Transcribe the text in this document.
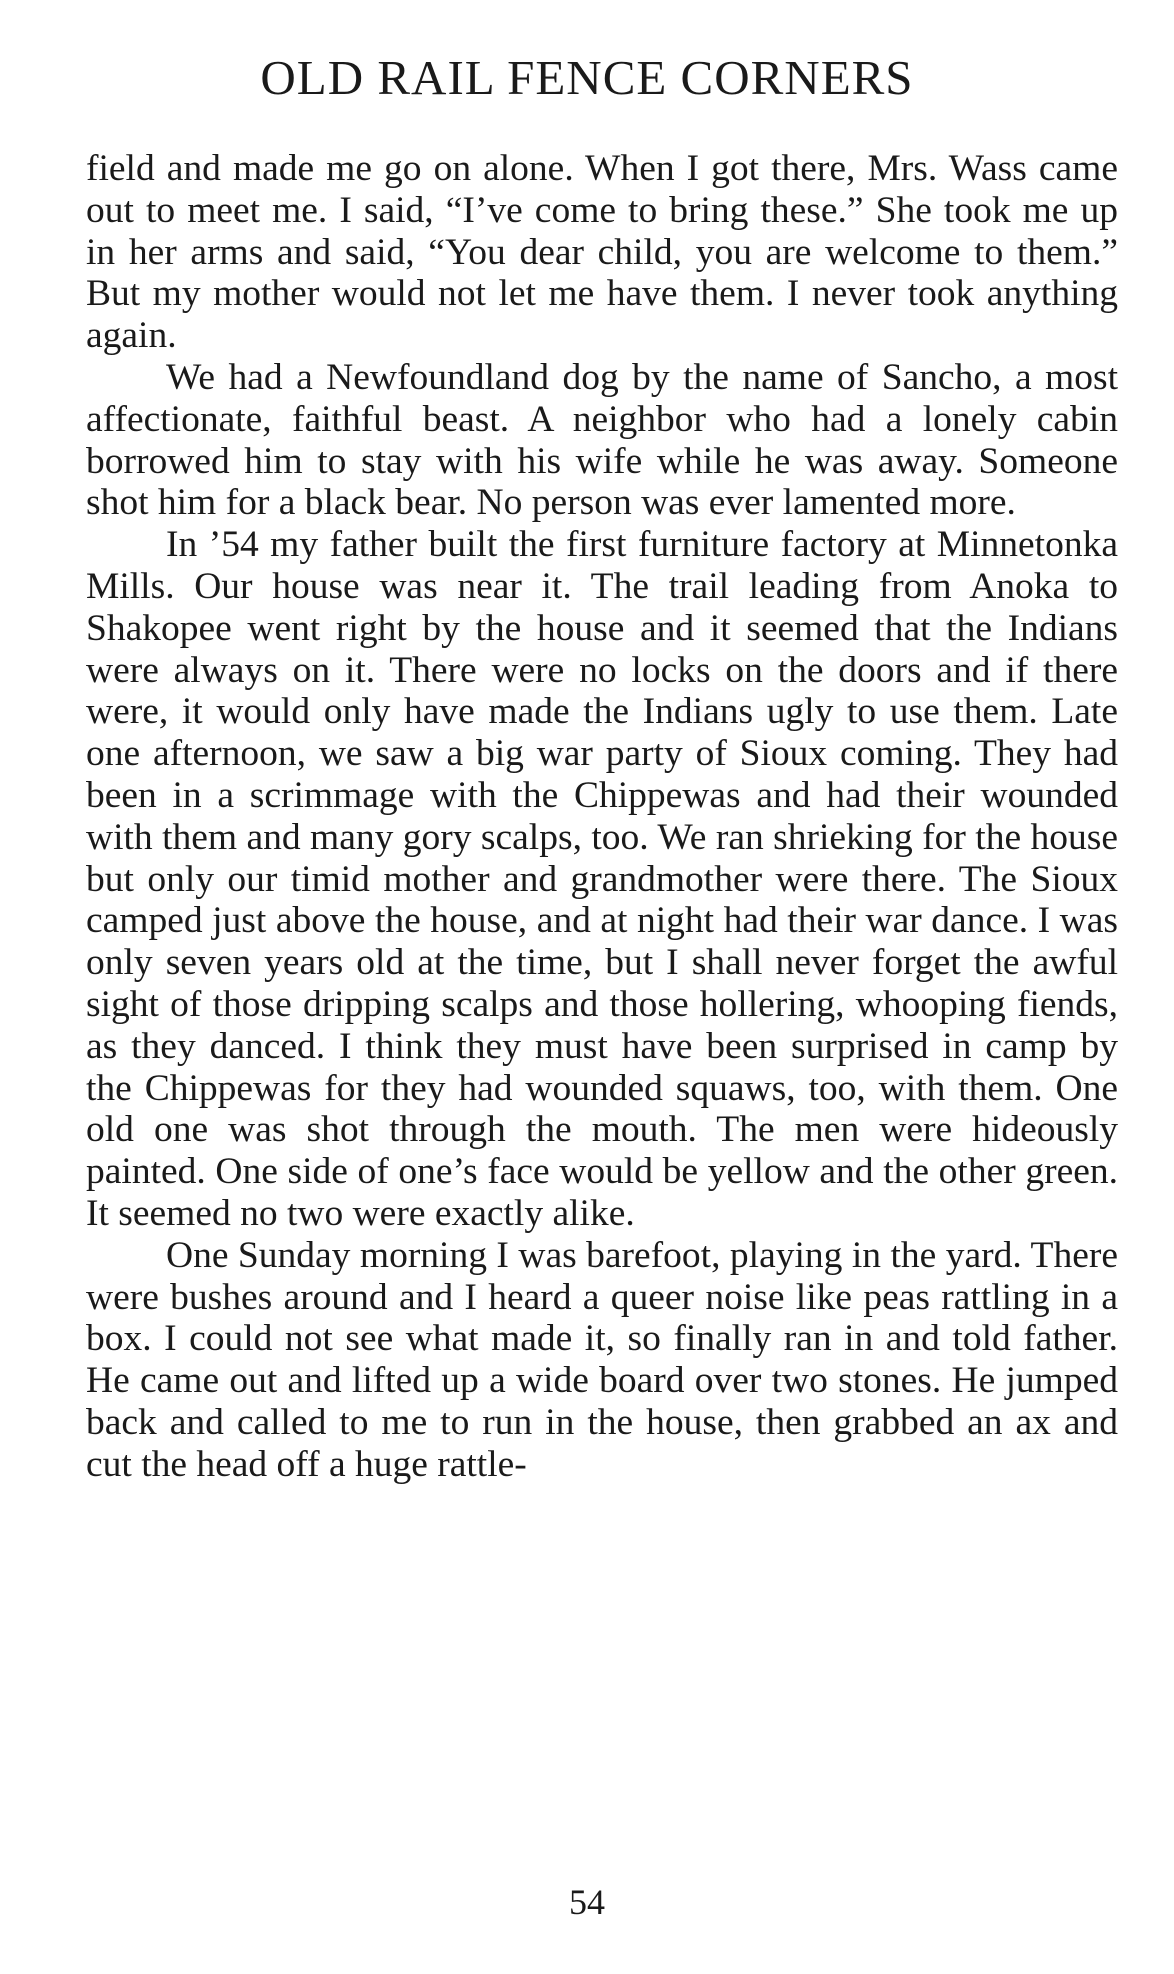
OLD RAIL FENCE CORNERS

field and made me go on alone. When I got there, Mrs. Wass came out to meet me. I said, “I’ve come to bring these.” She took me up in her arms and said, “You dear child, you are welcome to them.” But my mother would not let me have them. I never took anything again.

We had a Newfoundland dog by the name of Sancho, a most affectionate, faithful beast. A neighbor who had a lonely cabin borrowed him to stay with his wife while he was away. Someone shot him for a black bear. No person was ever lamented more.

In ’54 my father built the first furniture factory at Minnetonka Mills. Our house was near it. The trail leading from Anoka to Shakopee went right by the house and it seemed that the Indians were always on it. There were no locks on the doors and if there were, it would only have made the Indians ugly to use them. Late one afternoon, we saw a big war party of Sioux coming. They had been in a scrimmage with the Chippewas and had their wounded with them and many gory scalps, too. We ran shrieking for the house but only our timid mother and grandmother were there. The Sioux camped just above the house, and at night had their war dance. I was only seven years old at the time, but I shall never forget the awful sight of those dripping scalps and those hollering, whooping fiends, as they danced. I think they must have been surprised in camp by the Chippewas for they had wounded squaws, too, with them. One old one was shot through the mouth. The men were hideously painted. One side of one’s face would be yellow and the other green. It seemed no two were exactly alike.

One Sunday morning I was barefoot, playing in the yard. There were bushes around and I heard a queer noise like peas rattling in a box. I could not see what made it, so finally ran in and told father. He came out and lifted up a wide board over two stones. He jumped back and called to me to run in the house, then grabbed an ax and cut the head off a huge rattle-

54
